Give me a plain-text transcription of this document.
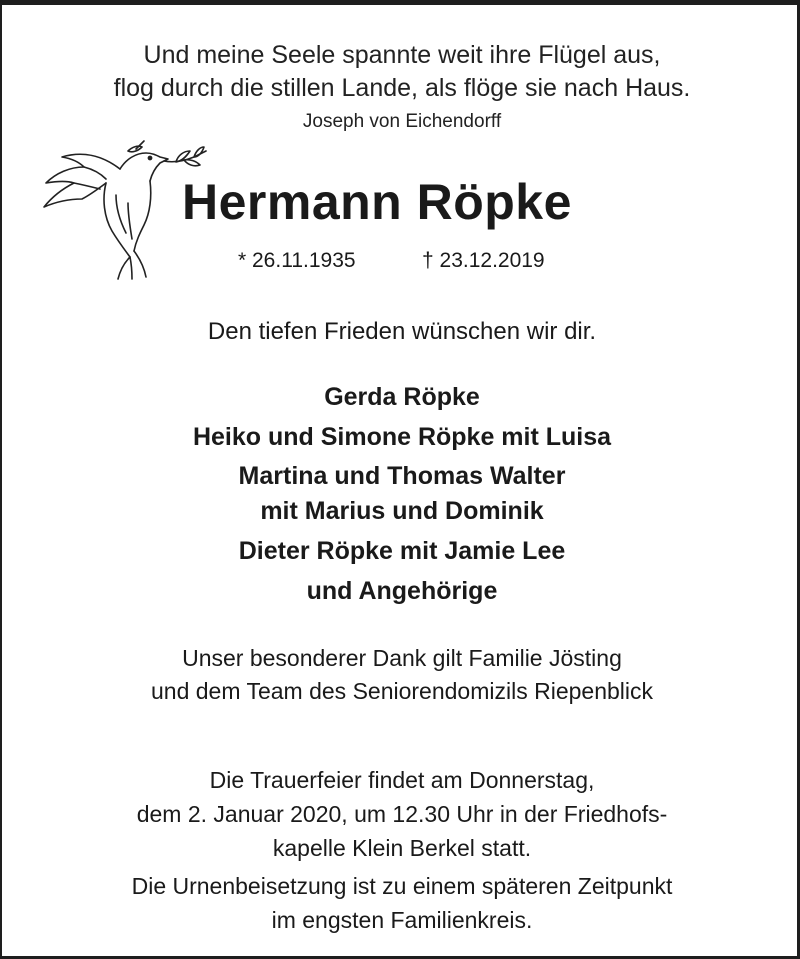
Und meine Seele spannte weit ihre Flügel aus,
flog durch die stillen Lande, als flöge sie nach Haus.
Joseph von Eichendorff
Hermann Röpke
* 26.11.1935	† 23.12.2019
Den tiefen Frieden wünschen wir dir.

Gerda Röpke

Heiko und Simone Röpke mit Luisa

Martina und Thomas Walter

mit Marius und Dominik

Dieter Röpke mit Jamie Lee

und Angehörige

Unser besonderer Dank gilt Familie Jösting
und dem Team des Seniorendomizils Riepenblick
Die Trauerfeier findet am Donnerstag,
dem 2. Januar 2020, um 12.30 Uhr in der Friedhofs-
kapelle Klein Berkel statt.
Die Urnenbeisetzung ist zu einem späteren Zeitpunkt
im engsten Familienkreis.
